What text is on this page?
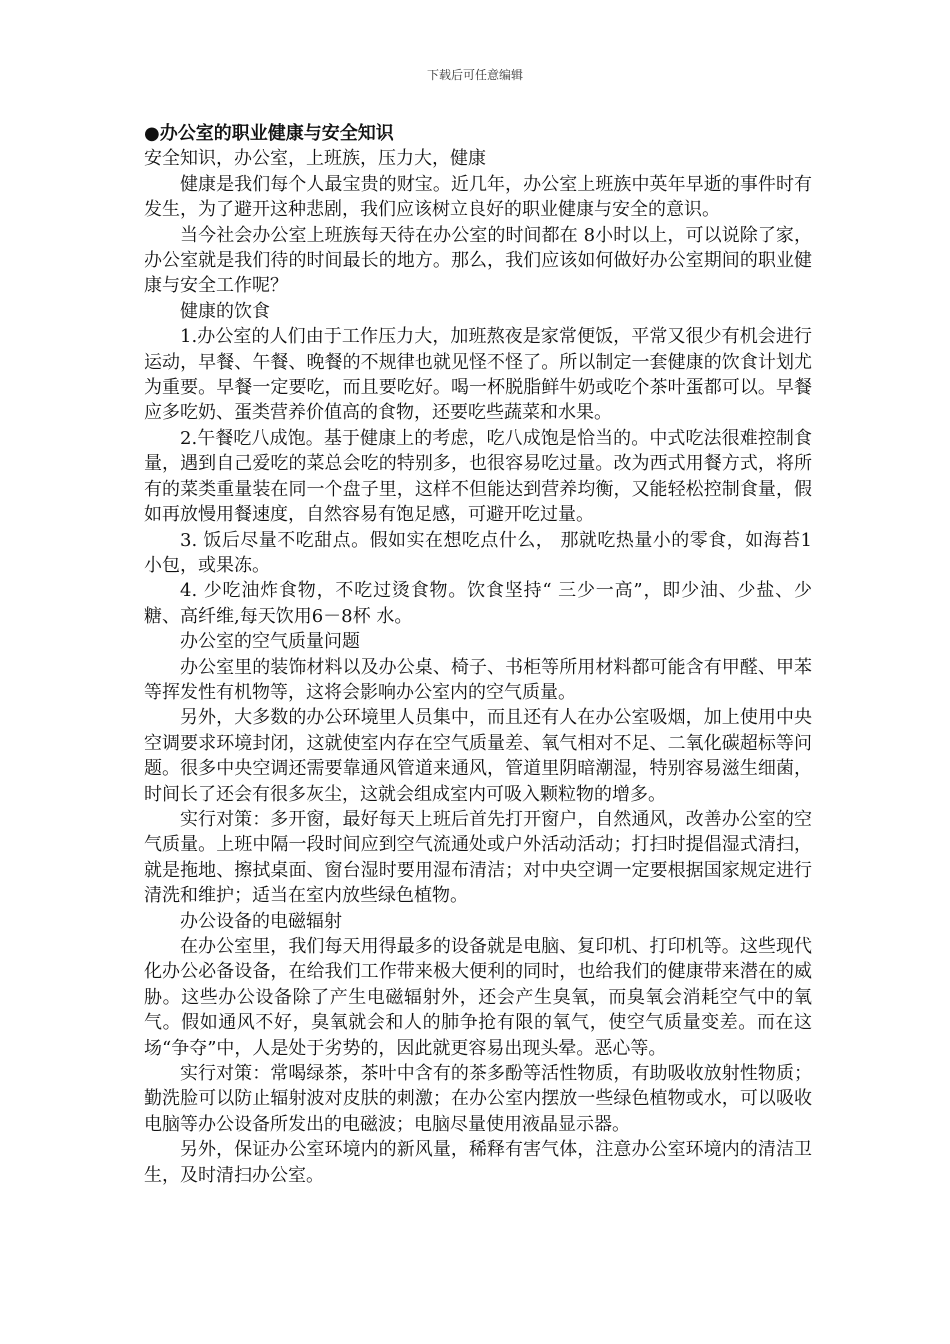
下载后可任意编辑

●办公室的职业健康与安全知识

安全知识，办公室，上班族，压力大，健康

健康是我们每个人最宝贵的财宝。近几年，办公室上班族中英年早逝的事件时有发生，为了避开这种悲剧，我们应该树立良好的职业健康与安全的意识。

当今社会办公室上班族每天待在办公室的时间都在 8小时以上，可以说除了家，办公室就是我们待的时间最长的地方。那么，我们应该如何做好办公室期间的职业健康与安全工作呢？

健康的饮食

1.办公室的人们由于工作压力大，加班熬夜是家常便饭，平常又很少有机会进行运动，早餐、午餐、晚餐的不规律也就见怪不怪了。所以制定一套健康的饮食计划尤为重要。早餐一定要吃，而且要吃好。喝一杯脱脂鲜牛奶或吃个茶叶蛋都可以。早餐应多吃奶、蛋类营养价值高的食物，还要吃些蔬菜和水果。

2.午餐吃八成饱。基于健康上的考虑，吃八成饱是恰当的。中式吃法很难控制食量，遇到自己爱吃的菜总会吃的特别多，也很容易吃过量。改为西式用餐方式，将所有的菜类重量装在同一个盘子里，这样不但能达到营养均衡，又能轻松控制食量，假如再放慢用餐速度，自然容易有饱足感，可避开吃过量。

3. 饭后尽量不吃甜点。假如实在想吃点什么， 那就吃热量小的零食，如海苔1小包，或果冻。

4. 少吃油炸食物，不吃过烫食物。饮食坚持“ 三少一高”，即少油、少盐、少糖、高纤维,每天饮用6－8杯 水。

办公室的空气质量问题

办公室里的装饰材料以及办公桌、椅子、书柜等所用材料都可能含有甲醛、甲苯等挥发性有机物等，这将会影响办公室内的空气质量。

另外，大多数的办公环境里人员集中，而且还有人在办公室吸烟，加上使用中央空调要求环境封闭，这就使室内存在空气质量差、氧气相对不足、二氧化碳超标等问题。很多中央空调还需要靠通风管道来通风，管道里阴暗潮湿，特别容易滋生细菌，时间长了还会有很多灰尘，这就会组成室内可吸入颗粒物的增多。

实行对策：多开窗，最好每天上班后首先打开窗户，自然通风，改善办公室的空气质量。上班中隔一段时间应到空气流通处或户外活动活动；打扫时提倡湿式清扫，就是拖地、擦拭桌面、窗台湿时要用湿布清洁；对中央空调一定要根据国家规定进行清洗和维护；适当在室内放些绿色植物。

办公设备的电磁辐射

在办公室里，我们每天用得最多的设备就是电脑、复印机、打印机等。这些现代化办公必备设备，在给我们工作带来极大便利的同时，也给我们的健康带来潜在的威胁。这些办公设备除了产生电磁辐射外，还会产生臭氧，而臭氧会消耗空气中的氧气。假如通风不好，臭氧就会和人的肺争抢有限的氧气，使空气质量变差。而在这场“争夺”中，人是处于劣势的，因此就更容易出现头晕。恶心等。

实行对策：常喝绿茶，茶叶中含有的茶多酚等活性物质，有助吸收放射性物质；勤洗脸可以防止辐射波对皮肤的刺激；在办公室内摆放一些绿色植物或水，可以吸收电脑等办公设备所发出的电磁波；电脑尽量使用液晶显示器。

另外，保证办公室环境内的新风量，稀释有害气体，注意办公室环境内的清洁卫生，及时清扫办公室。
